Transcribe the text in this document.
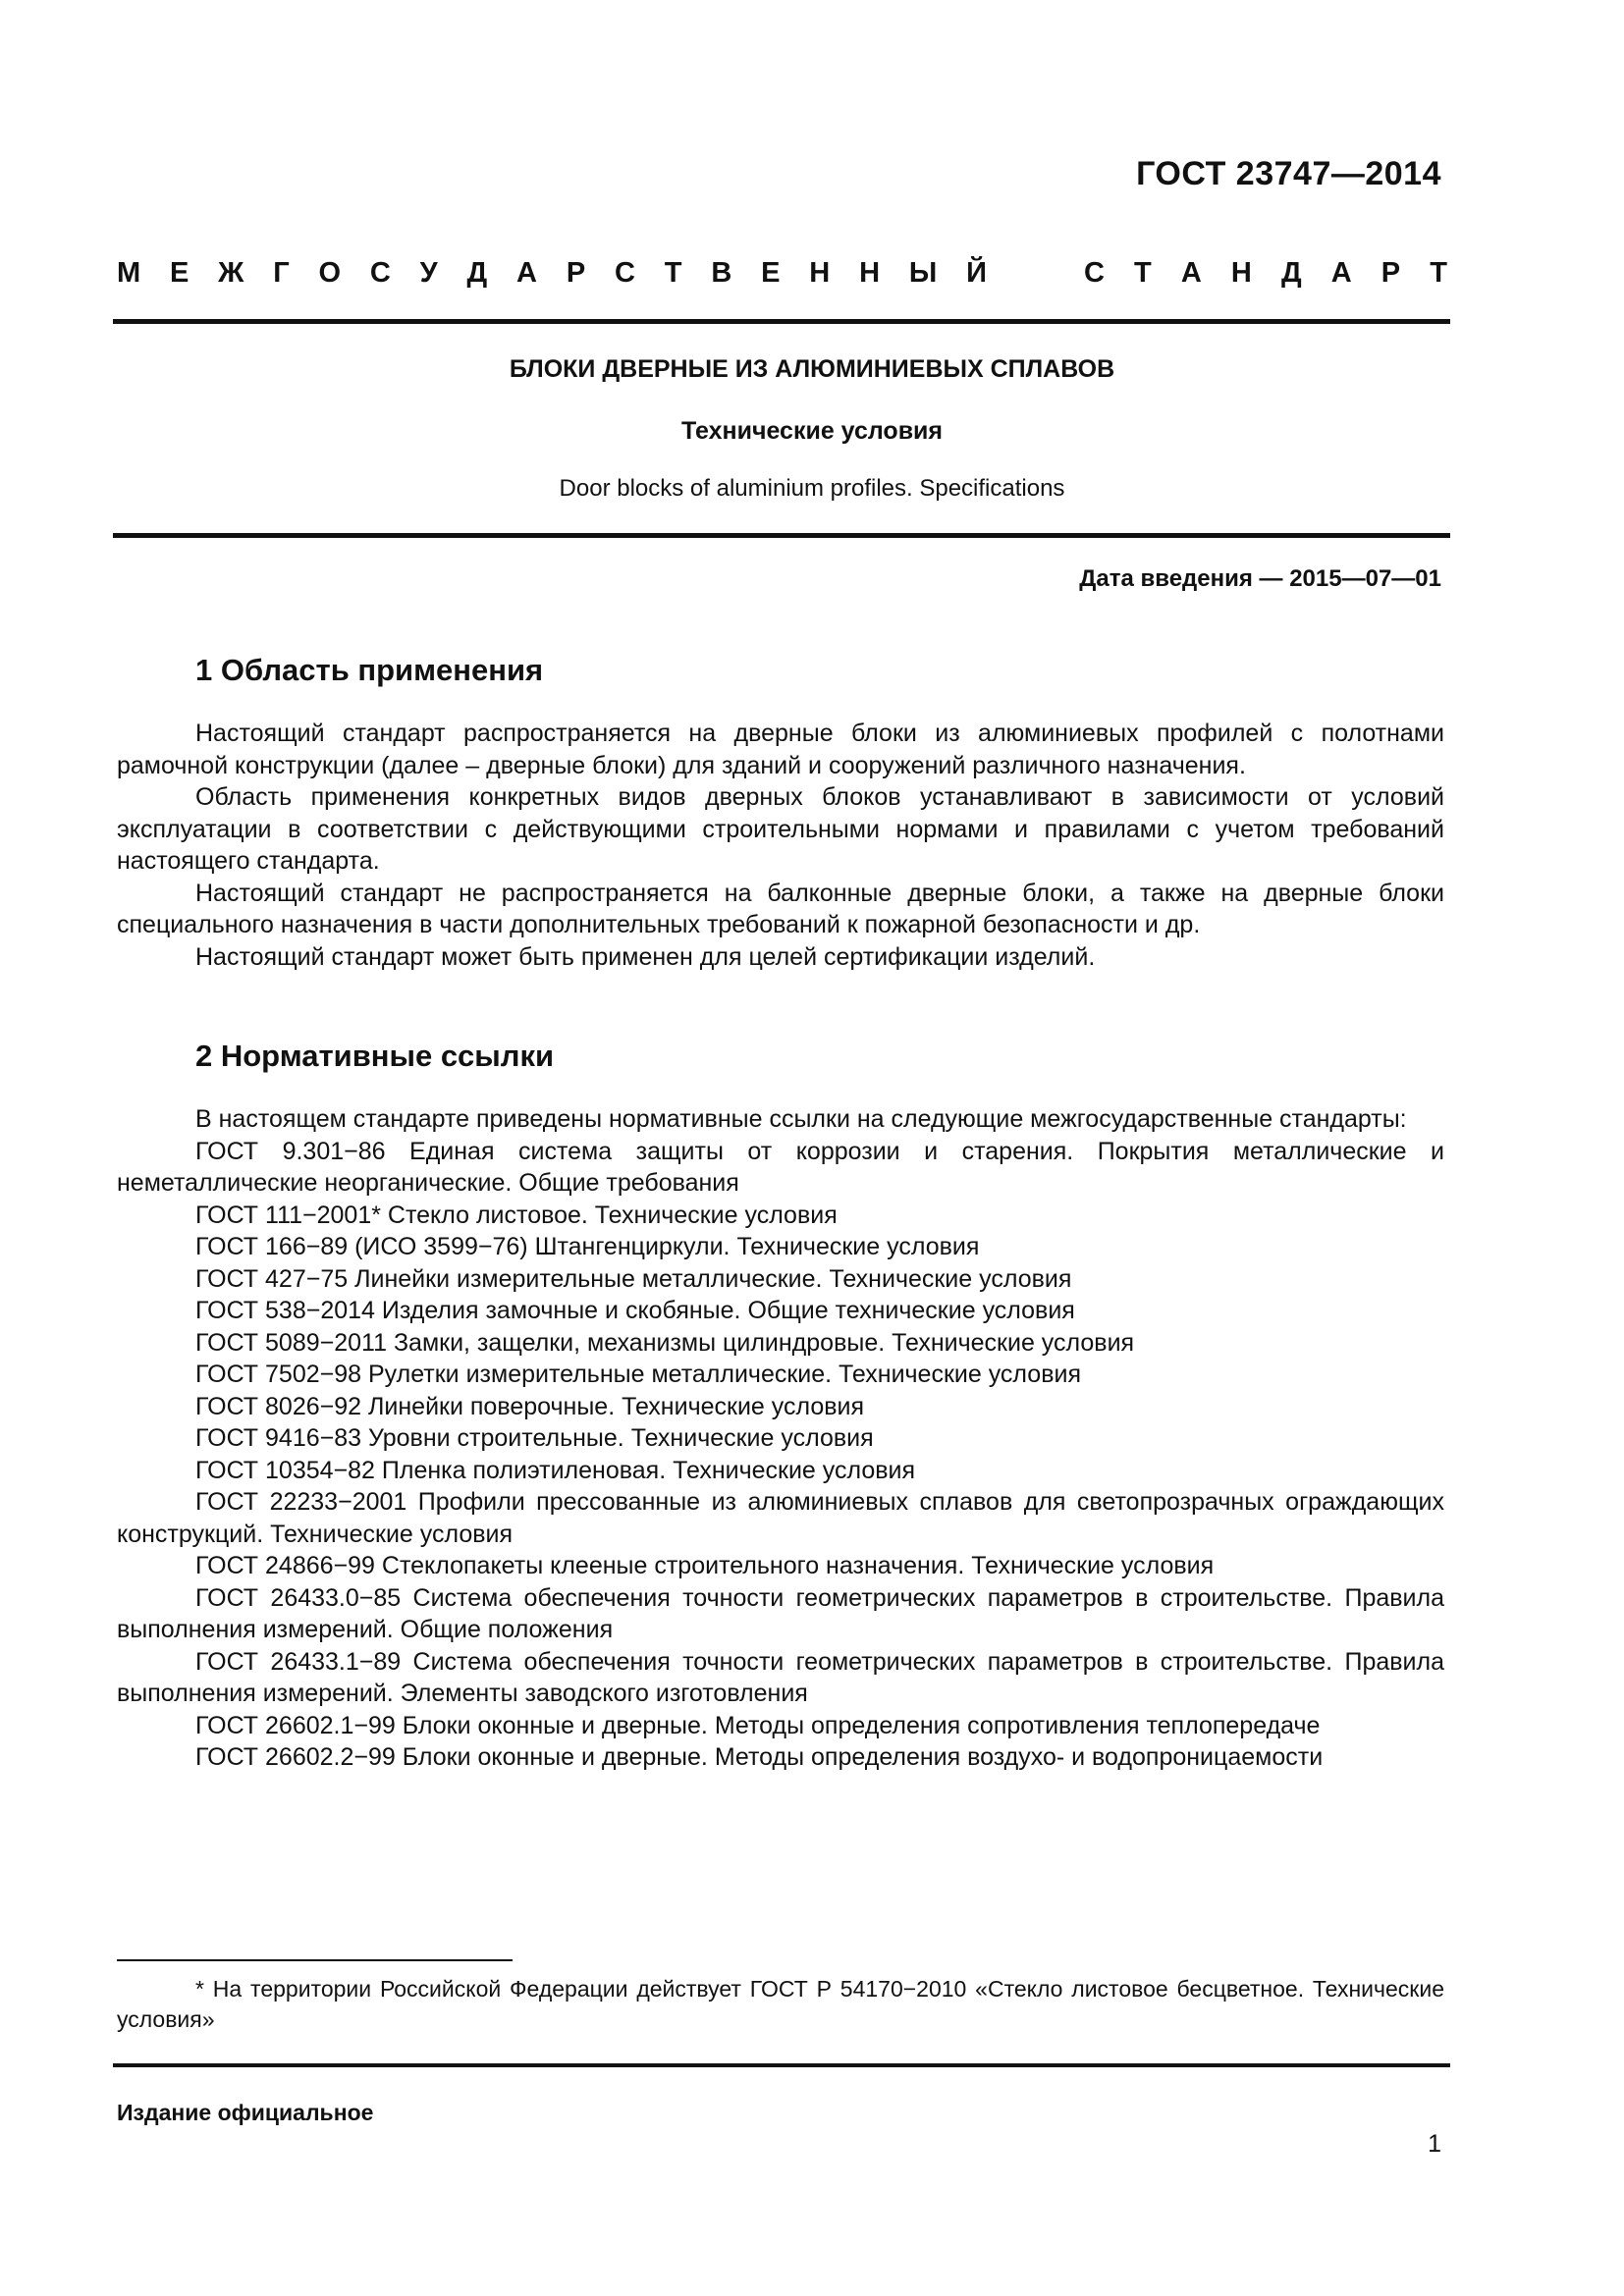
ГОСТ 23747—2014
М Е Ж Г О С У Д А Р С Т В Е Н Н Ы Й	С Т А Н Д А Р Т
БЛОКИ ДВЕРНЫЕ ИЗ АЛЮМИНИЕВЫХ СПЛАВОВ
Технические условия
Door blocks of aluminium profiles. Specifications
Дата введения — 2015—07—01
1 Область применения

Настоящий стандарт распространяется на дверные блоки из алюминиевых профилей с полотнами рамочной конструкции (далее – дверные блоки) для зданий и сооружений различного назначения.

Область применения конкретных видов дверных блоков устанавливают в зависимости от условий эксплуатации в соответствии с действующими строительными нормами и правилами с учетом требований настоящего стандарта.

Настоящий стандарт не распространяется на балконные дверные блоки, а также на дверные блоки специального назначения в части дополнительных требований к пожарной безопасности и др.

Настоящий стандарт может быть применен для целей сертификации изделий.

2 Нормативные ссылки

В настоящем стандарте приведены нормативные ссылки на следующие межгосударственные стандарты:

ГОСТ 9.301−86 Единая система защиты от коррозии и старения. Покрытия металлические и неметаллические неорганические. Общие требования

ГОСТ 111−2001* Стекло листовое. Технические условия

ГОСТ 166−89 (ИСО 3599−76) Штангенциркули. Технические условия

ГОСТ 427−75 Линейки измерительные металлические. Технические условия

ГОСТ 538−2014 Изделия замочные и скобяные. Общие технические условия

ГОСТ 5089−2011 Замки, защелки, механизмы цилиндровые. Технические условия

ГОСТ 7502−98 Рулетки измерительные металлические. Технические условия

ГОСТ 8026−92 Линейки поверочные. Технические условия

ГОСТ 9416−83 Уровни строительные. Технические условия

ГОСТ 10354−82 Пленка полиэтиленовая. Технические условия

ГОСТ 22233−2001 Профили прессованные из алюминиевых сплавов для светопрозрачных ограждающих конструкций. Технические условия

ГОСТ 24866−99 Стеклопакеты клееные строительного назначения. Технические условия

ГОСТ 26433.0−85 Система обеспечения точности геометрических параметров в строительстве. Правила выполнения измерений. Общие положения

ГОСТ 26433.1−89 Система обеспечения точности геометрических параметров в строительстве. Правила выполнения измерений. Элементы заводского изготовления

ГОСТ 26602.1−99 Блоки оконные и дверные. Методы определения сопротивления теплопередаче

ГОСТ 26602.2−99 Блоки оконные и дверные. Методы определения воздухо- и водопроницаемости

* На территории Российской Федерации действует ГОСТ Р 54170−2010 «Стекло листовое бесцветное. Технические условия»
Издание официальное
1
